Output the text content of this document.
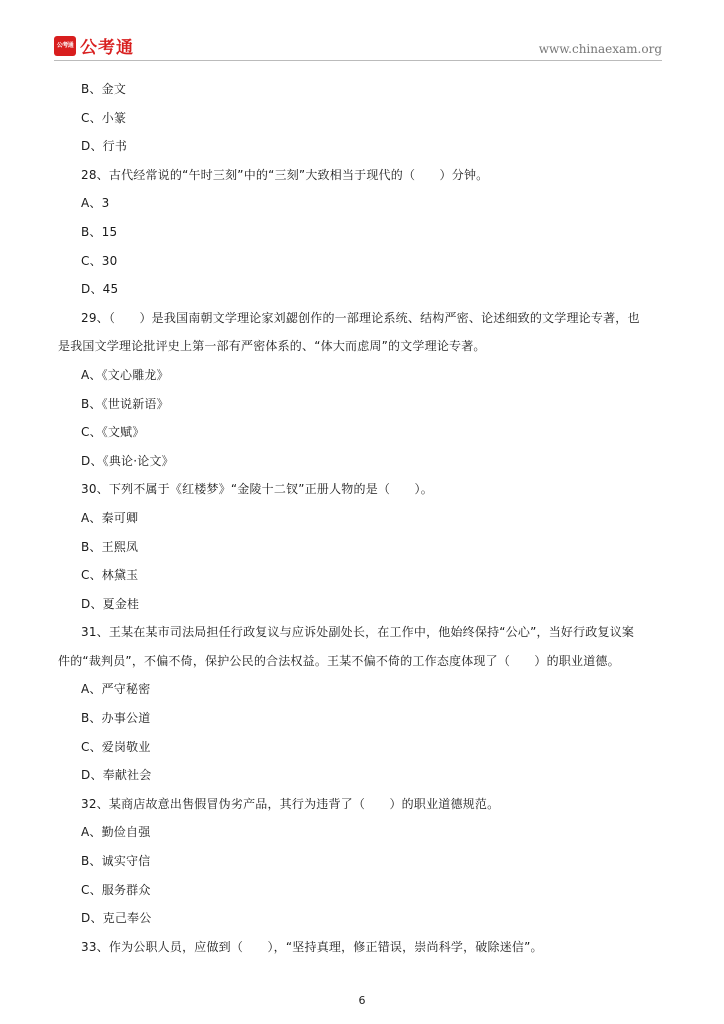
公考通 公考通	www.chinaexam.org
B、金文
C、小篆
D、行书
28、古代经常说的“午时三刻”中的“三刻”大致相当于现代的（　　）分钟。
A、3
B、15
C、30
D、45
29、（　　）是我国南朝文学理论家刘勰创作的一部理论系统、结构严密、论述细致的文学理论专著，也
是我国文学理论批评史上第一部有严密体系的、“体大而虑周”的文学理论专著。
A、《文心雕龙》
B、《世说新语》
C、《文赋》
D、《典论·论文》
30、下列不属于《红楼梦》“金陵十二钗”正册人物的是（　　）。
A、秦可卿
B、王熙凤
C、林黛玉
D、夏金桂
31、王某在某市司法局担任行政复议与应诉处副处长，在工作中，他始终保持“公心”，当好行政复议案
件的“裁判员”，不偏不倚，保护公民的合法权益。王某不偏不倚的工作态度体现了（　　）的职业道德。
A、严守秘密
B、办事公道
C、爱岗敬业
D、奉献社会
32、某商店故意出售假冒伪劣产品，其行为违背了（　　）的职业道德规范。
A、勤俭自强
B、诚实守信
C、服务群众
D、克己奉公
33、作为公职人员，应做到（　　），“坚持真理，修正错误，崇尚科学，破除迷信”。
6
